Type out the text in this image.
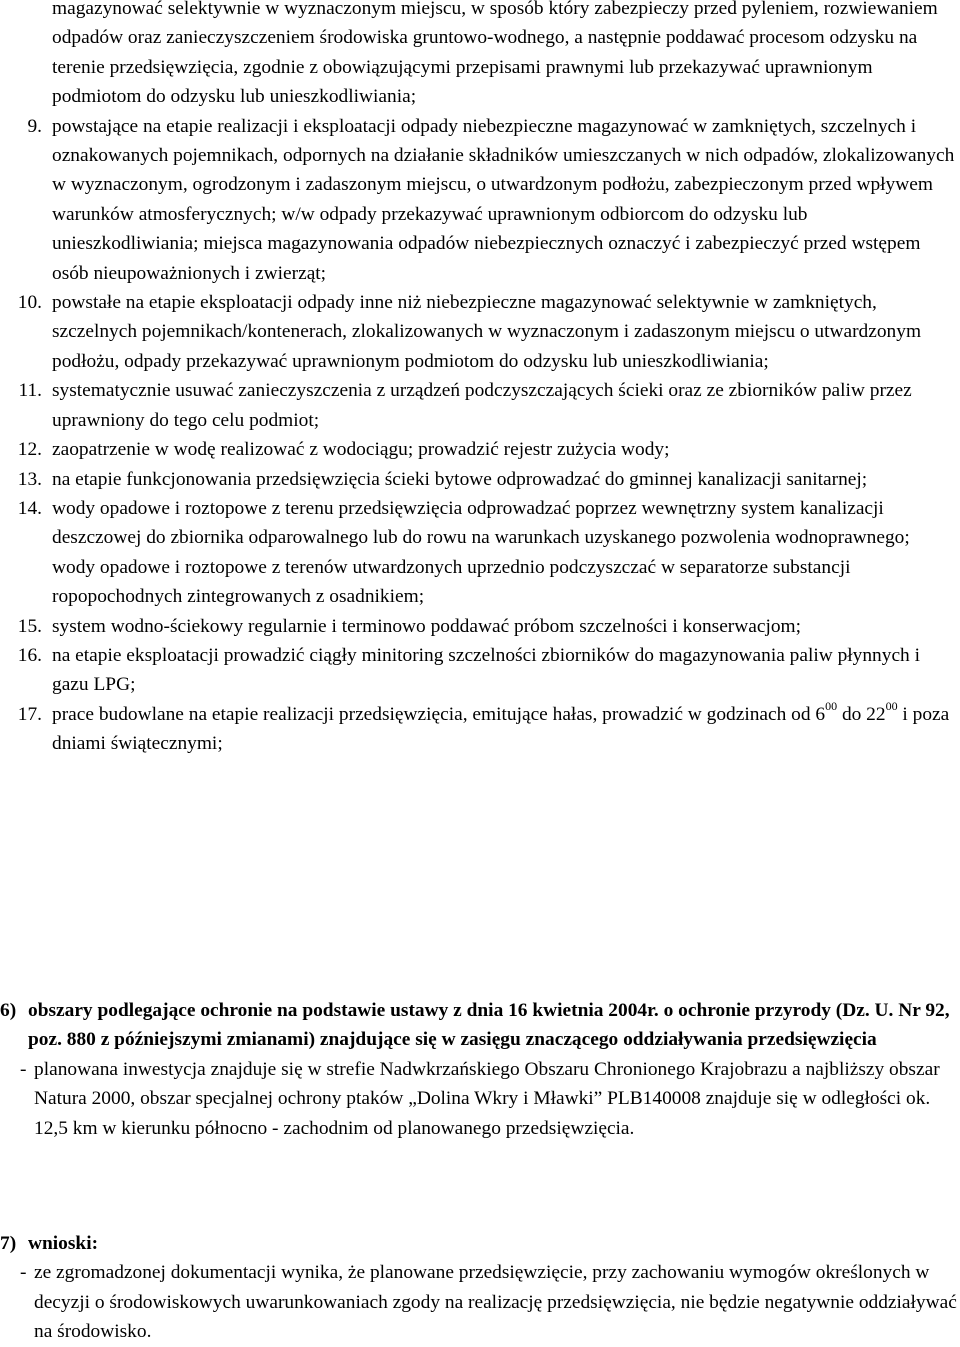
magazynować selektywnie w wyznaczonym miejscu, w sposób który zabezpieczy przed pyleniem, rozwiewaniem odpadów oraz zanieczyszczeniem środowiska gruntowo-wodnego, a następnie poddawać procesom odzysku na terenie przedsięwzięcia, zgodnie z obowiązującymi przepisami prawnymi lub przekazywać uprawnionym podmiotom do odzysku lub unieszkodliwiania;
9. powstające na etapie realizacji i eksploatacji odpady niebezpieczne magazynować w zamkniętych, szczelnych i oznakowanych pojemnikach, odpornych na działanie składników umieszczanych w nich odpadów, zlokalizowanych w wyznaczonym, ogrodzonym i zadaszonym miejscu, o utwardzonym podłożu, zabezpieczonym przed wpływem warunków atmosferycznych; w/w odpady przekazywać uprawnionym odbiorcom do odzysku lub unieszkodliwiania; miejsca magazynowania odpadów niebezpiecznych oznaczyć i zabezpieczyć przed wstępem osób nieupoważnionych i zwierząt;
10. powstałe na etapie eksploatacji odpady inne niż niebezpieczne magazynować selektywnie w zamkniętych, szczelnych pojemnikach/kontenerach, zlokalizowanych w wyznaczonym i zadaszonym miejscu o utwardzonym podłożu, odpady przekazywać uprawnionym podmiotom do odzysku lub unieszkodliwiania;
11. systematycznie usuwać zanieczyszczenia z urządzeń podczyszczających ścieki oraz ze zbiorników paliw przez uprawniony do tego celu podmiot;
12. zaopatrzenie w wodę realizować z wodociągu; prowadzić rejestr zużycia wody;
13. na etapie funkcjonowania przedsięwzięcia ścieki bytowe odprowadzać do gminnej kanalizacji sanitarnej;
14. wody opadowe i roztopowe z terenu przedsięwzięcia odprowadzać poprzez wewnętrzny system kanalizacji deszczowej do zbiornika odparowalnego lub do rowu na warunkach uzyskanego pozwolenia wodnoprawnego; wody opadowe i roztopowe z terenów utwardzonych uprzednio podczyszczać w separatorze substancji ropopochodnych zintegrowanych z osadnikiem;
15. system wodno-ściekowy regularnie i terminowo poddawać próbom szczelności i konserwacjom;
16. na etapie eksploatacji prowadzić ciągły minitoring szczelności zbiorników do magazynowania paliw płynnych i gazu LPG;
17. prace budowlane na etapie realizacji przedsięwzięcia, emitujące hałas, prowadzić w godzinach od $6^{00}$ do $22^{00}$ i poza dniami świątecznymi;
6) obszary podlegające ochronie na podstawie ustawy z dnia 16 kwietnia 2004r. o ochronie przyrody (Dz. U. Nr 92, poz. 880 z późniejszymi zmianami) znajdujące się w zasięgu znaczącego oddziaływania przedsięwzięcia
- planowana inwestycja znajduje się w strefie Nadwkrzańskiego Obszaru Chronionego Krajobrazu a najbliższy obszar Natura 2000, obszar specjalnej ochrony ptaków „Dolina Wkry i Mławki” PLB140008 znajduje się w odległości ok. 12,5 km w kierunku północno - zachodnim od planowanego przedsięwzięcia.
7) wnioski:
- ze zgromadzonej dokumentacji wynika, że planowane przedsięwzięcie, przy zachowaniu wymogów określonych w decyzji o środowiskowych uwarunkowaniach zgody na realizację przedsięwzięcia, nie będzie negatywnie oddziaływać na środowisko.
